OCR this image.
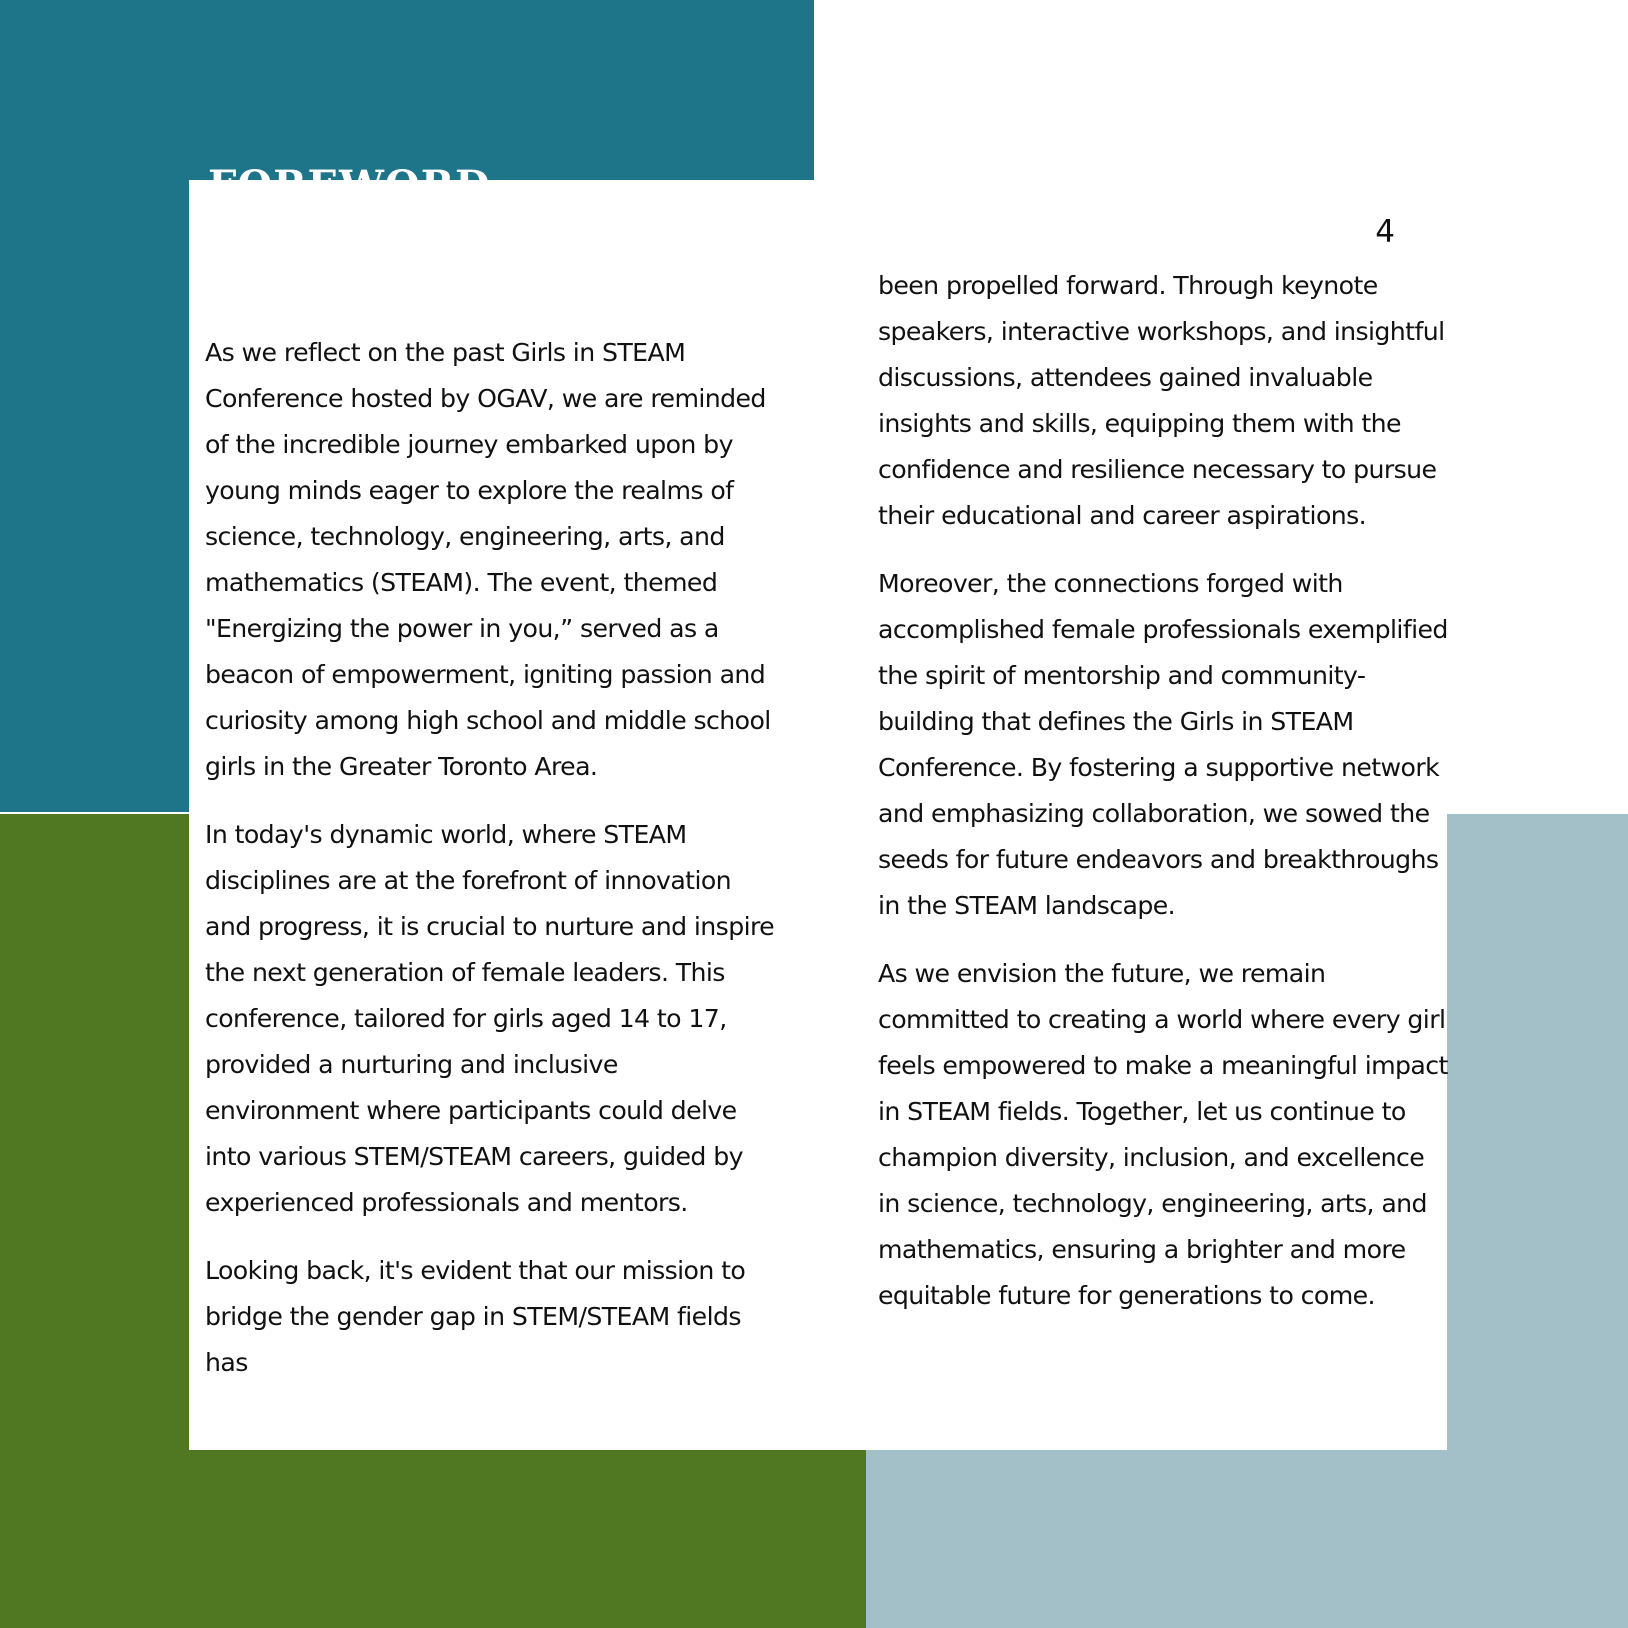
4

As we reflect on the past Girls in STEAM Conference hosted by OGAV, we are reminded of the incredible journey embarked upon by young minds eager to explore the realms of science, technology, engineering, arts, and mathematics (STEAM). The event, themed "Energizing the power in you,” served as a beacon of empowerment, igniting passion and curiosity among high school and middle school girls in the Greater Toronto Area.

In today's dynamic world, where STEAM disciplines are at the forefront of innovation and progress, it is crucial to nurture and inspire the next generation of female leaders. This conference, tailored for girls aged 14 to 17, provided a nurturing and inclusive environment where participants could delve into various STEM/STEAM careers, guided by experienced professionals and mentors.

Looking back, it's evident that our mission to bridge the gender gap in STEM/STEAM fields has

been propelled forward. Through keynote speakers, interactive workshops, and insightful discussions, attendees gained invaluable insights and skills, equipping them with the confidence and resilience necessary to pursue their educational and career aspirations.

Moreover, the connections forged with accomplished female professionals exemplified the spirit of mentorship and community-building that defines the Girls in STEAM Conference. By fostering a supportive network and emphasizing collaboration, we sowed the seeds for future endeavors and breakthroughs in the STEAM landscape.

As we envision the future, we remain committed to creating a world where every girl feels empowered to make a meaningful impact in STEAM fields. Together, let us continue to champion diversity, inclusion, and excellence in science, technology, engineering, arts, and mathematics, ensuring a brighter and more equitable future for generations to come.
